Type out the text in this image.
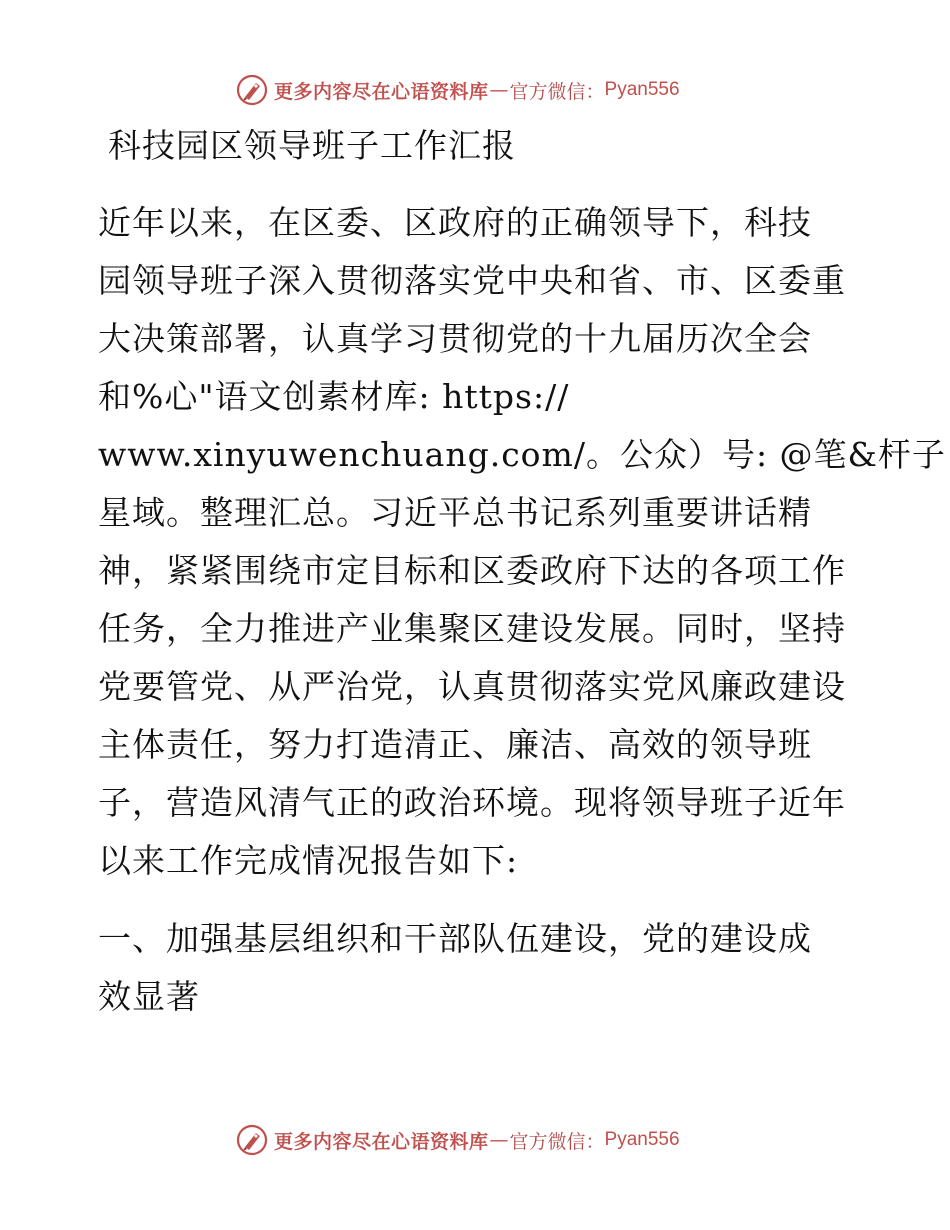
更多内容尽在心语资料库 — 官方微信： Pyan556
科技园区领导班子工作汇报
近年以来，在区委、区政府的正确领导下，科技
园领导班子深入贯彻落实党中央和省、市、区委重
大决策部署，认真学习贯彻党的十九届历次全会
和%心"语文创素材库: https://
www.xinyuwenchuang.com/。公众）号: @笔&杆子
星域。整理汇总。习近平总书记系列重要讲话精
神，紧紧围绕市定目标和区委政府下达的各项工作
任务，全力推进产业集聚区建设发展。同时，坚持
党要管党、从严治党，认真贯彻落实党风廉政建设
主体责任，努力打造清正、廉洁、高效的领导班
子，营造风清气正的政治环境。现将领导班子近年
以来工作完成情况报告如下:
一、加强基层组织和干部队伍建设，党的建设成
效显著
更多内容尽在心语资料库 — 官方微信： Pyan556
